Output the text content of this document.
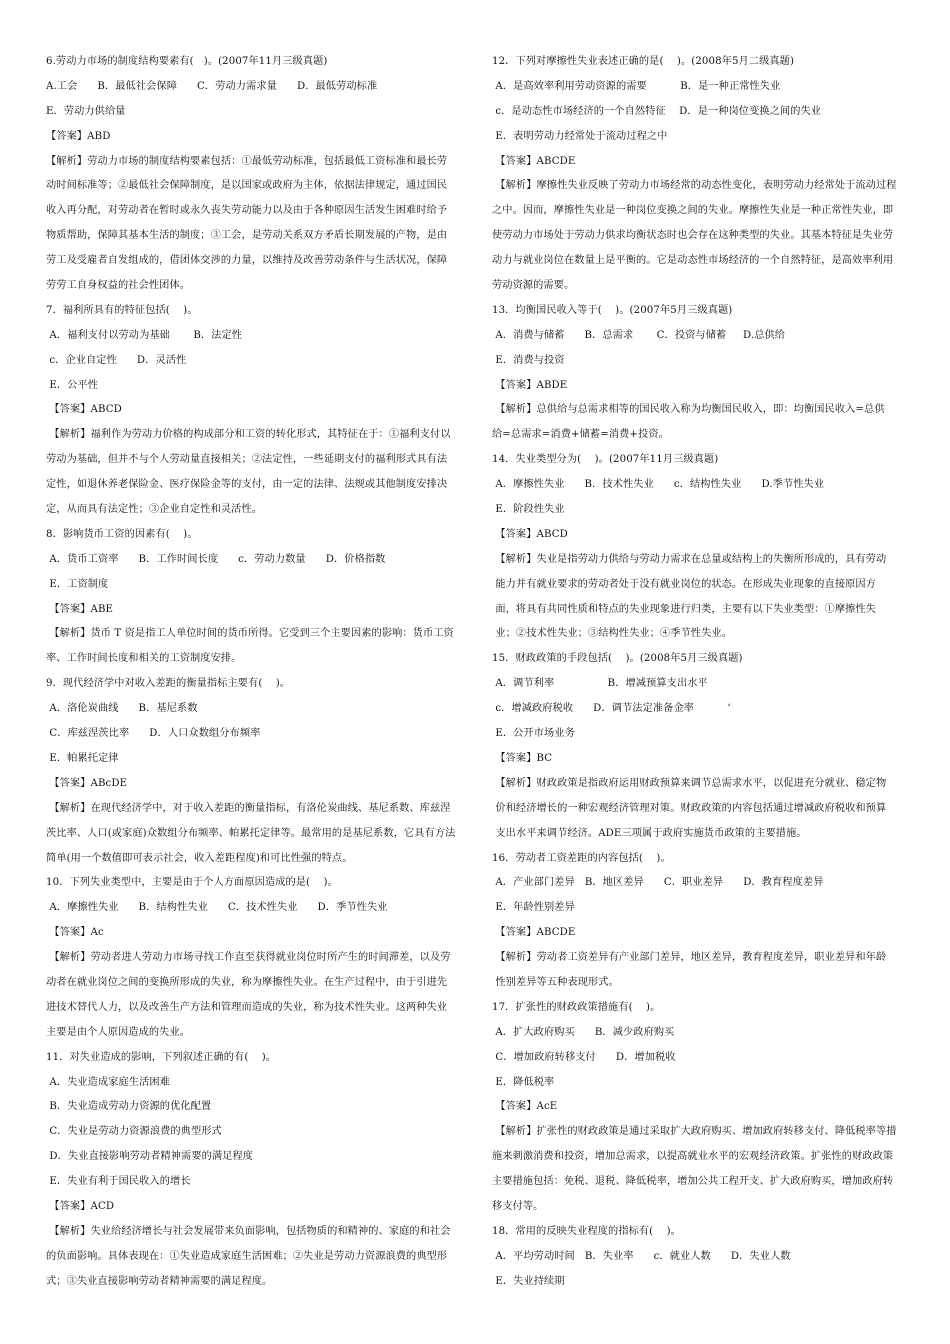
6.劳动力市场的制度结构要素有(   )。(2007年11月三级真题)
A.工会      B．最低社会保障      C．劳动力需求量      D．最低劳动标准
E．劳动力供给量
【答案】ABD
【解析】劳动力市场的制度结构要素包括：①最低劳动标准，包括最低工资标准和最长劳
动时间标准等；②最低社会保障制度，是以国家或政府为主体，依据法律规定，通过国民
收入再分配，对劳动者在暂时或永久丧失劳动能力以及由于各种原因生活发生困难时给予
物质帮助，保障其基本生活的制度；③工会，是劳动关系双方矛盾长期发展的产物，是由
劳工及受雇者自发组成的，借团体交涉的力量，以维持及改善劳动条件与生活状况，保障
劳劳工自身权益的社会性团体。
7．福利所具有的特征包括(    )。
A．福利支付以劳动为基础       B．法定性
c．企业自定性      D．灵活性
E．公平性
【答案】ABCD
【解析】福利作为劳动力价格的构成部分和工资的转化形式，其特征在于：①福利支付以
劳动为基础，但并不与个人劳动量直接相关；②法定性，一些延期支付的福利形式具有法
定性，如退休养老保险金、医疗保险金等的支付，由一定的法律、法规或其他制度安排决
定，从而具有法定性；③企业自定性和灵活性。
8．影响货币工资的因素有(    )。
A．货币工资率      B．工作时间长度      c．劳动力数量      D．价格指数
E．工资制度
【答案】ABE
【解析】货币 T 资是指工人单位时间的货币所得。它受到三个主要因素的影响：货币工资
率、工作时间长度和相关的工资制度安排。
9．现代经济学中对收入差距的衡量指标主要有(    )。
A．洛伦炭曲线      B．基尼系数
C．库兹涅茨比率      D．人口众数组分布频率
E．帕累托定律
【答案】ABcDE
【解析】在现代经济学中，对于收入差距的衡量指标，有洛伦炭曲线、基尼系数、库兹涅
茨比率、人口(或家庭)众数组分布频率、帕累托定律等。最常用的是基尼系数，它具有方法
简单(用一个数值即可表示社会，收入差距程度)和可比性强的特点。
10．下列失业类型中，主要是由于个人方面原因造成的是(    )。
A．摩擦性失业      B．结构性失业      C．技术性失业      D．季节性失业
【答案】Ac
【解析】劳动者进人劳动力市场寻找工作直至获得就业岗位时所产生的时间滞差，以及劳
动者在就业岗位之间的变换所形成的失业，称为摩擦性失业。在生产过程中，由于引进先
进技术替代人力，以及改善生产方法和管理而造成的失业，称为技术性失业。这两种失业
主要是由个人原因造成的失业。
11．对失业造成的影响，下列叙述正确的有(    )。
A．失业造成家庭生活困难
B．失业造成劳动力资源的优化配置
C．失业是劳动力资源浪费的典型形式
D．失业直接影响劳动者精神需要的满足程度
E．失业有利于国民收入的增长
【答案】ACD
【解析】失业给经济增长与社会发展带来负面影响，包括物质的和精神的、家庭的和社会
的负面影响。具体表现在：①失业造成家庭生活困难；②失业是劳动力资源浪费的典型形
式；③失业直接影响劳动者精神需要的满足程度。
12．下列对摩擦性失业表述正确的是(    )。(2008年5月二级真题)
A．是高效率利用劳动资源的需要          B．是一种正常性失业
c．是动态性市场经济的一个自然特征    D．是一种岗位变换之间的失业
E．表明劳动力经常处于流动过程之中
【答案】ABCDE
【解析】摩擦性失业反映了劳动力市场经常的动态性变化，表明劳动力经常处于流动过程
之中。因而，摩擦性失业是一种岗位变换之间的失业。摩擦性失业是一种正常性失业，即
使劳动力市场处于劳动力供求均衡状态时也会存在这种类型的失业。其基本特征是失业劳
动力与就业岗位在数量上是平衡的。它是动态性市场经济的一个自然特征，是高效率利用
劳动资源的需要。
13．均衡国民收入等于(    )。(2007年5月三级真题)
A．消费与储蓄      B．总需求       C．投资与储蓄     D.总供给
E．消费与投资
【答案】ABDE
【解析】总供给与总需求相等的国民收入称为均衡国民收入，即：均衡国民收入=总供
给=总需求=消费+储蓄=消费+投资。
14．失业类型分为(    )。(2007年11月三级真题)
A．摩擦性失业      B．技术性失业      c．结构性失业      D.季节性失业
E．阶段性失业
【答案】ABCD
【解析】失业是指劳动力供给与劳动力需求在总量或结构上的失衡所形成的，具有劳动
能力并有就业要求的劳动者处于没有就业岗位的状态。在形成失业现象的直接原因方
面，将具有共同性质和特点的失业现象进行归类，主要有以下失业类型：①摩擦性失
业；②技术性失业；③结构性失业；④季节性失业。
15．财政政策的手段包括(    )。(2008年5月三级真题)
A．调节利率                B．增减预算支出水平
c．增减政府税收      D．调节法定准备金率          ‘
E．公开市场业务
【答案】BC
【解析】财政政策是指政府运用财政预算来调节总需求水平，以促进充分就业、稳定物
价和经济增长的一种宏观经济管理对策。财政政策的内容包括通过增减政府税收和预算
支出水平来调节经济。ADE三项属于政府实施货币政策的主要措施。
16．劳动者工资差距的内容包括(    )。
A．产业部门差异   B．地区差异      C．职业差异      D．教育程度差异
E．年龄性别差异
【答案】ABCDE
【解析】劳动者工资差异有产业部门差异，地区差异，教育程度差异，职业差异和年龄
性别差异等五种表现形式。
17．扩张性的财政政策措施有(    )。
A．扩大政府购买      B．减少政府购买
C．增加政府转移支付      D．增加税收
E．降低税率
【答案】AcE
【解析】扩张性的财政政策是通过采取扩大政府购买、增加政府转移支付、降低税率等措
施来刺激消费和投资，增加总需求，以提高就业水平的宏观经济政策。扩张性的财政政策
主要措施包括：免税、退税、降低税率，增加公共工程开支、扩大政府购买，增加政府转
移支付等。
18．常用的反映失业程度的指标有(    )。
A．平均劳动时间   B．失业率      c．就业人数      D．失业人数
E．失业持续期
